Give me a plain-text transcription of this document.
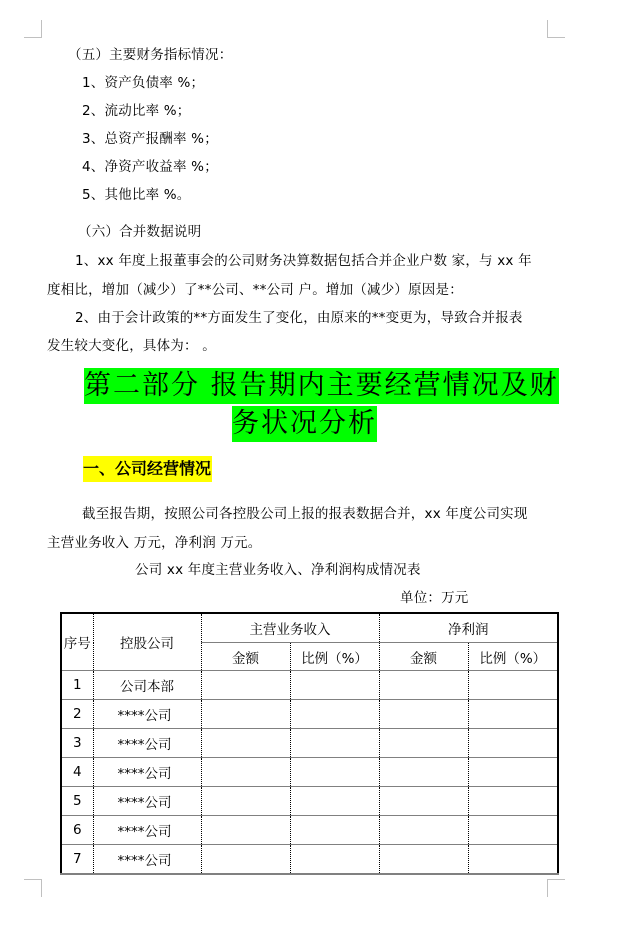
（五）主要财务指标情况：
1、资产负债率 %；
2、流动比率 %；
3、总资产报酬率 %；
4、净资产收益率 %；
5、其他比率 %。
（六）合并数据说明
1、xx 年度上报董事会的公司财务决算数据包括合并企业户数 家，与 xx 年
度相比，增加（减少）了**公司、**公司 户。增加（减少）原因是：
2、由于会计政策的**方面发生了变化，由原来的**变更为，导致合并报表
发生较大变化，具体为： 。
第二部分 报告期内主要经营情况及财
务状况分析
一、公司经营情况
截至报告期，按照公司各控股公司上报的报表数据合并，xx 年度公司实现
主营业务收入 万元，净利润 万元。
公司 xx 年度主营业务收入、净利润构成情况表
单位：万元
序号	控股公司	主营业务收入		净利润	
		金额	比例（%）	金额	比例（%）
1	公司本部				
2	****公司				
3	****公司				
4	****公司				
5	****公司				
6	****公司				
7	****公司				
